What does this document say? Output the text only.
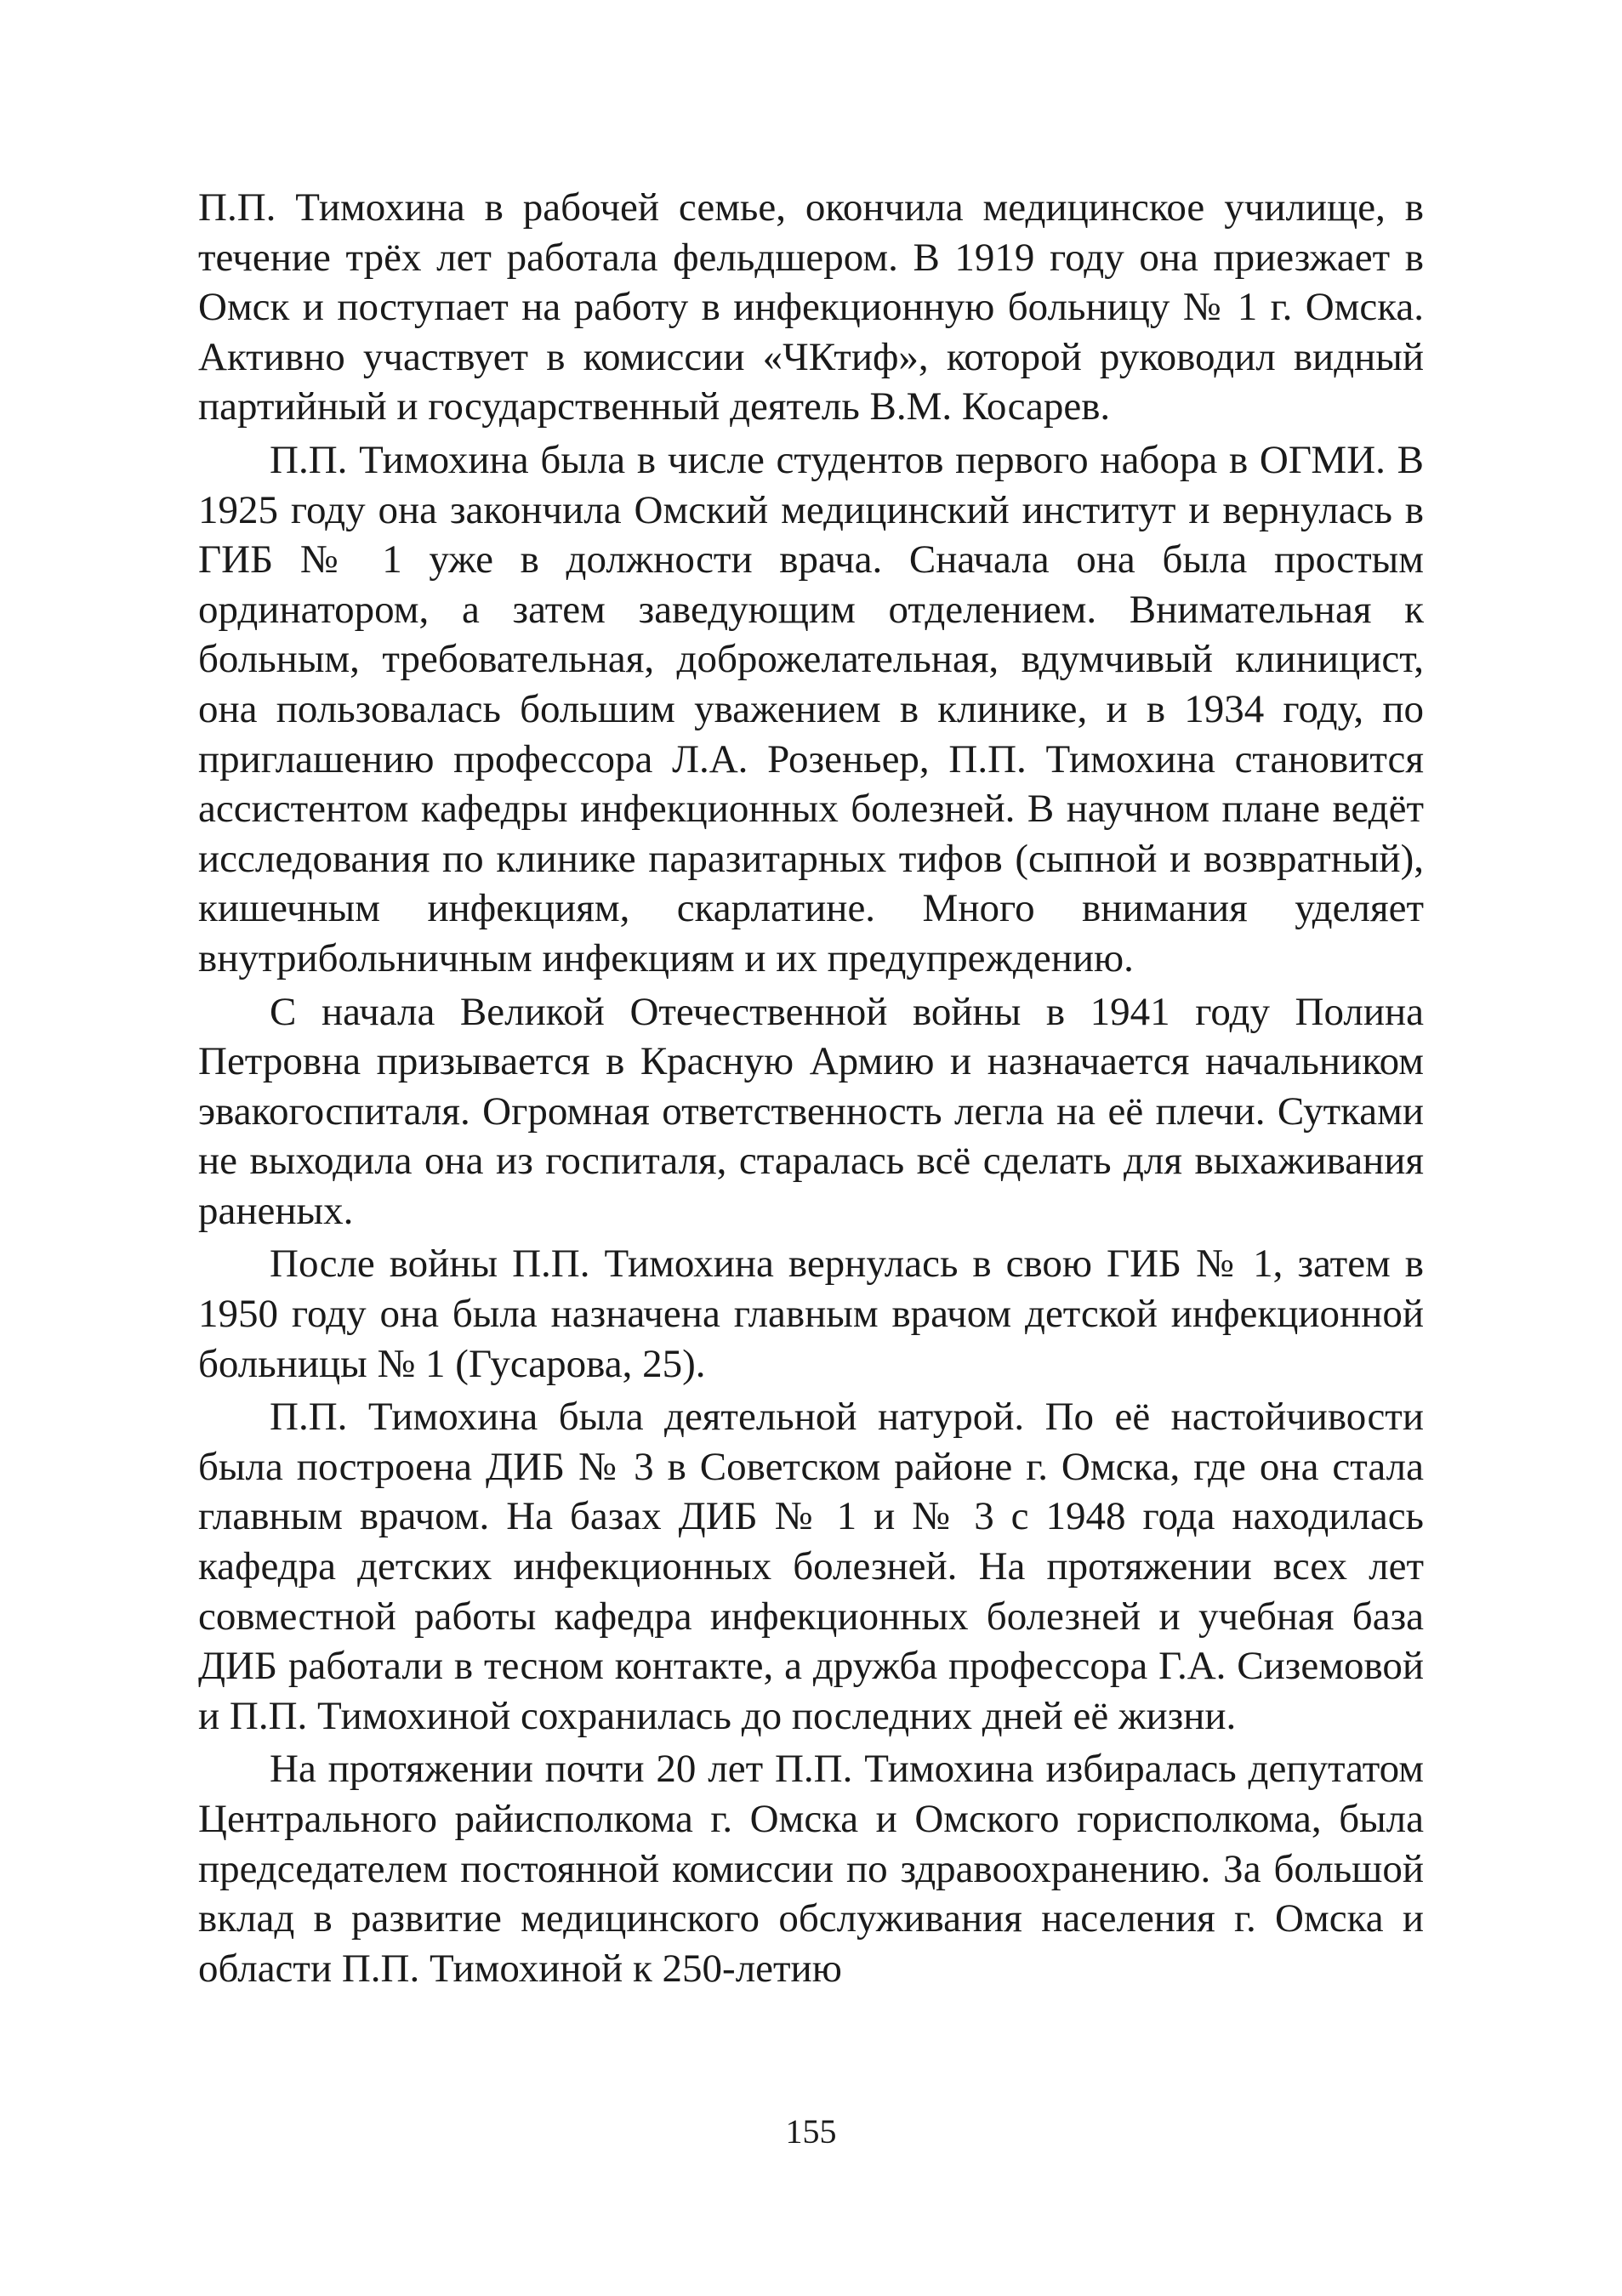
П.П. Тимохина в рабочей семье, окончила медицинское училище, в течение трёх лет работала фельдшером. В 1919 году она приезжает в Омск и поступает на работу в инфекционную больницу № 1 г. Омска. Активно участвует в комиссии «ЧКтиф», которой руководил видный партийный и государственный деятель В.М. Косарев.

П.П. Тимохина была в числе студентов первого набора в ОГМИ. В 1925 году она закончила Омский медицинский институт и вернулась в ГИБ № 1 уже в должности врача. Сначала она была простым ординатором, а затем заведующим отделением. Внимательная к больным, требовательная, доброжелательная, вдумчивый клиницист, она пользовалась большим уважением в клинике, и в 1934 году, по приглашению профессора Л.А. Розеньер, П.П. Тимохина становится ассистентом кафедры инфекционных болезней. В научном плане ведёт исследования по клинике паразитарных тифов (сыпной и возвратный), кишечным инфекциям, скарлатине. Много внимания уделяет внутрибольничным инфекциям и их предупреждению.

С начала Великой Отечественной войны в 1941 году Полина Петровна призывается в Красную Армию и назначается начальником эвакогоспиталя. Огромная ответственность легла на её плечи. Сутками не выходила она из госпиталя, старалась всё сделать для выхаживания раненых.

После войны П.П. Тимохина вернулась в свою ГИБ № 1, затем в 1950 году она была назначена главным врачом детской инфекционной больницы № 1 (Гусарова, 25).

П.П. Тимохина была деятельной натурой. По её настойчивости была построена ДИБ № 3 в Советском районе г. Омска, где она стала главным врачом. На базах ДИБ № 1 и № 3 с 1948 года находилась кафедра детских инфекционных болезней. На протяжении всех лет совместной работы кафедра инфекционных болезней и учебная база ДИБ работали в тесном контакте, а дружба профессора Г.А. Сиземовой и П.П. Тимохиной сохранилась до последних дней её жизни.

На протяжении почти 20 лет П.П. Тимохина избиралась депутатом Центрального райисполкома г. Омска и Омского горисполкома, была председателем постоянной комиссии по здравоохранению. За большой вклад в развитие медицинского обслуживания населения г. Омска и области П.П. Тимохиной к 250-летию

155
